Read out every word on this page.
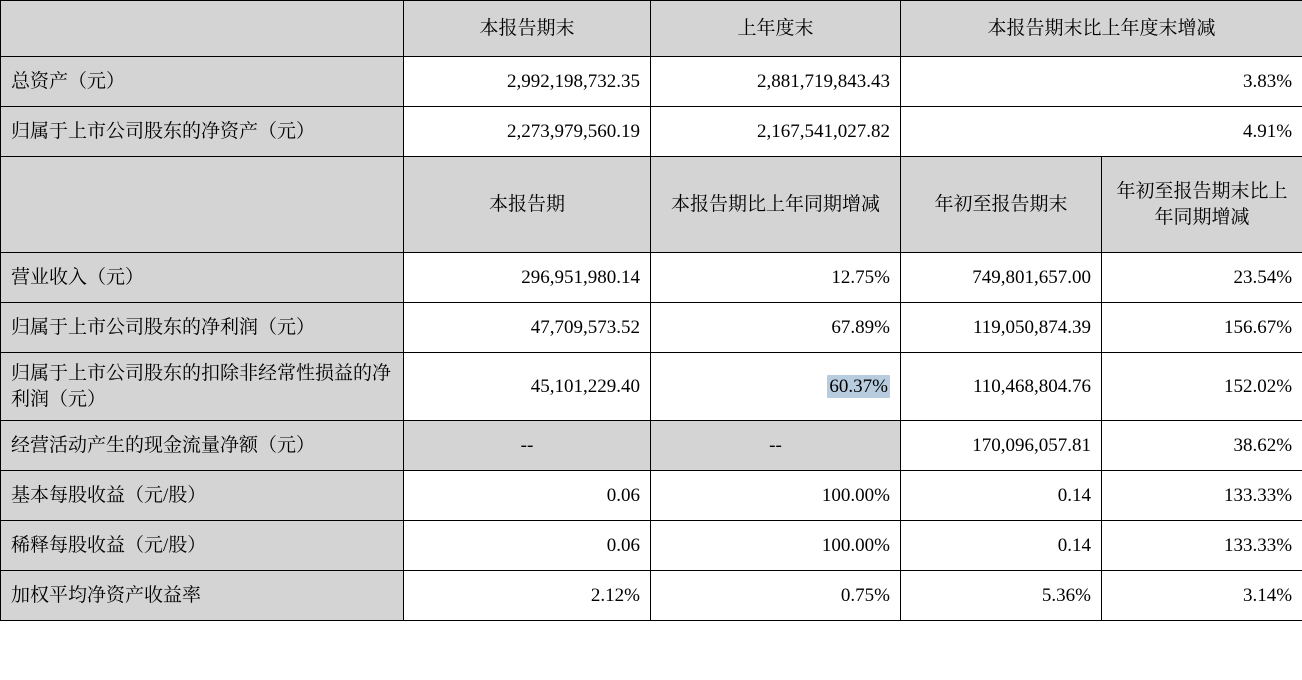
	本报告期末	上年度末	本报告期末比上年度末增减	
总资产（元）	2,992,198,732.35	2,881,719,843.43	3.83%	
归属于上市公司股东的净资产（元）	2,273,979,560.19	2,167,541,027.82	4.91%	
	本报告期	本报告期比上年同期增减	年初至报告期末	年初至报告期末比上年同期增减
营业收入（元）	296,951,980.14	12.75%	749,801,657.00	23.54%
归属于上市公司股东的净利润（元）	47,709,573.52	67.89%	119,050,874.39	156.67%
归属于上市公司股东的扣除非经常性损益的净利润（元）	45,101,229.40	60.37%	110,468,804.76	152.02%
经营活动产生的现金流量净额（元）	--	--	170,096,057.81	38.62%
基本每股收益（元/股）	0.06	100.00%	0.14	133.33%
稀释每股收益（元/股）	0.06	100.00%	0.14	133.33%
加权平均净资产收益率	2.12%	0.75%	5.36%	3.14%
